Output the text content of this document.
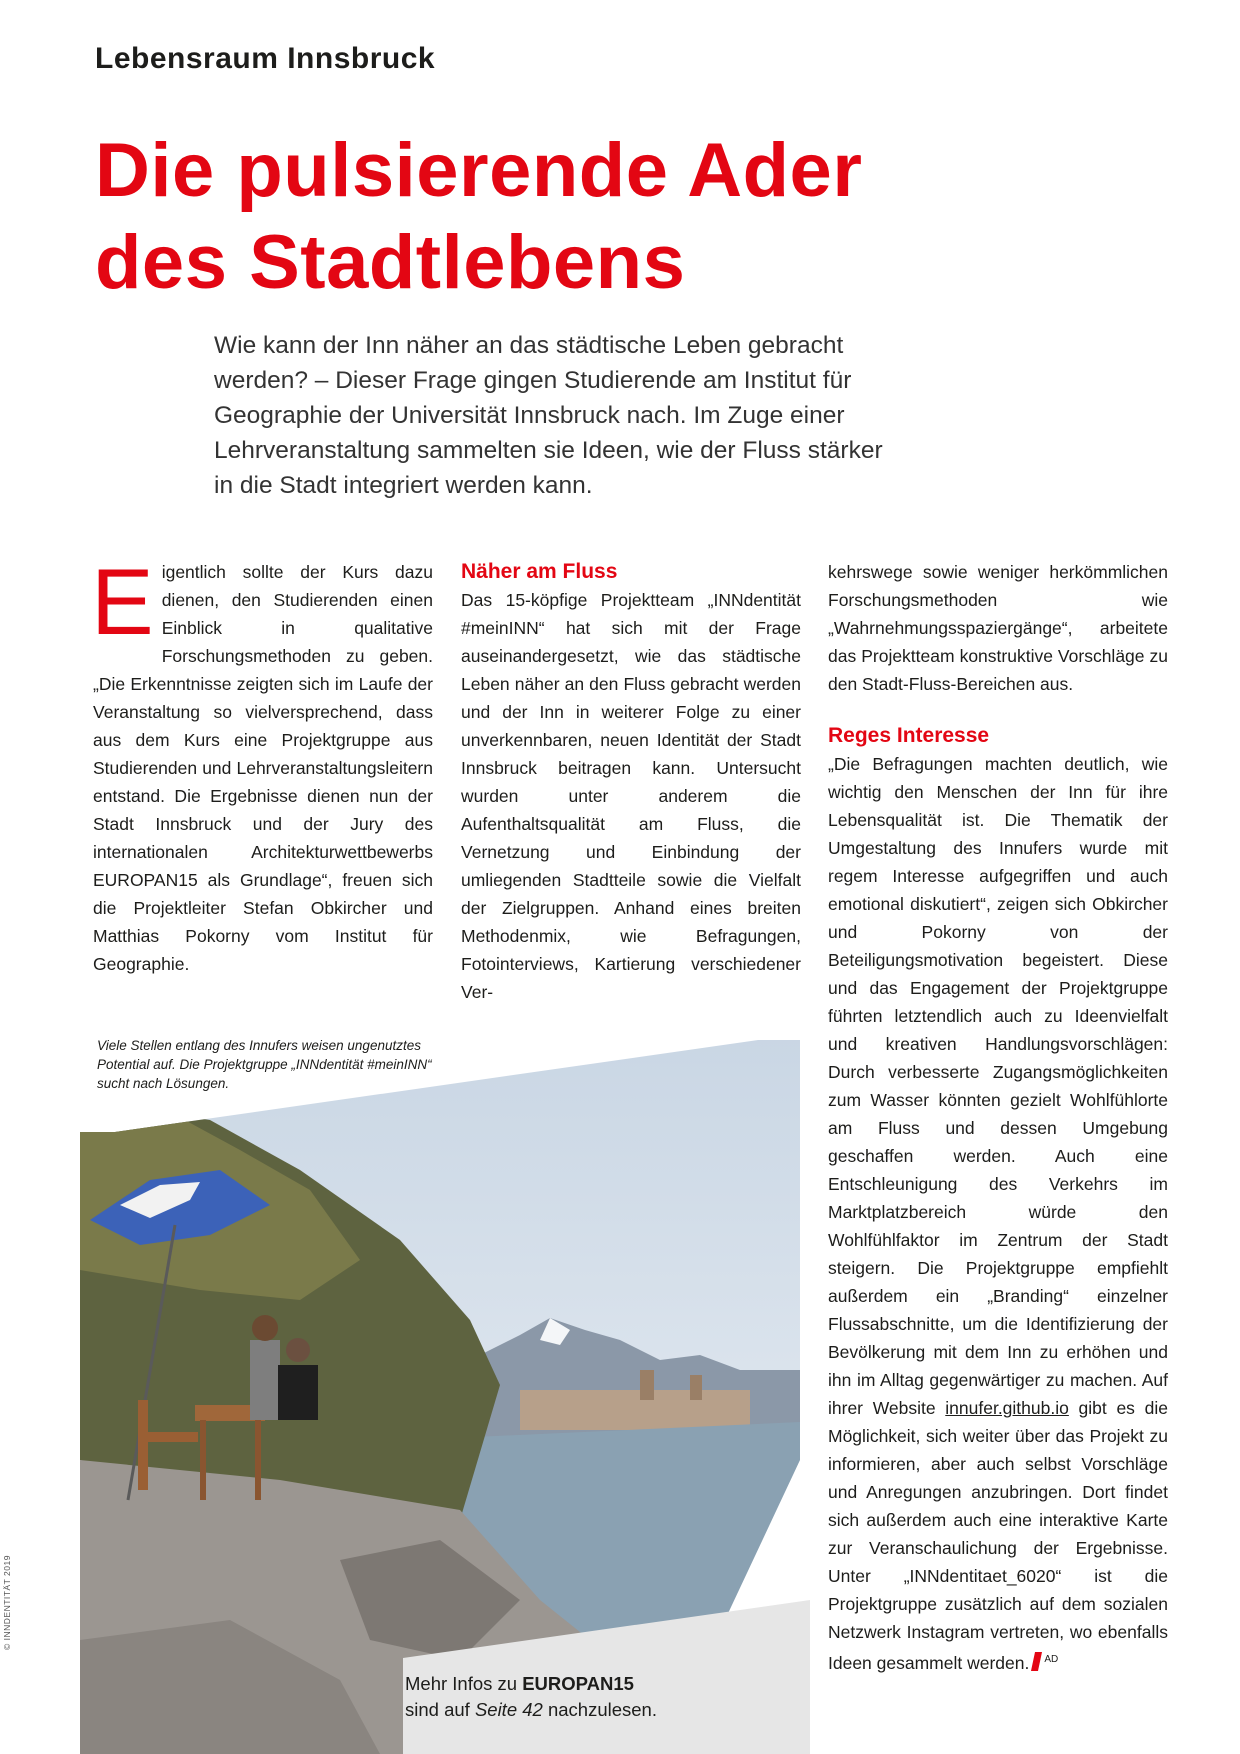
Lebensraum Innsbruck
Die pulsierende Ader
des Stadtlebens

Wie kann der Inn näher an das städtische Leben gebracht werden? – Dieser Frage gingen Studierende am Institut für Geographie der Universität Innsbruck nach. Im Zuge einer Lehrveranstaltung sammelten sie Ideen, wie der Fluss stärker in die Stadt integriert werden kann.

Eigentlich sollte der Kurs dazu dienen, den Studierenden einen Einblick in qualitative Forschungsmethoden zu geben. „Die Erkenntnisse zeigten sich im Laufe der Veranstaltung so vielversprechend, dass aus dem Kurs eine Projektgruppe aus Studierenden und Lehrveranstaltungsleitern entstand. Die Ergebnisse dienen nun der Stadt Innsbruck und der Jury des internationalen Architekturwettbewerbs EUROPAN15 als Grundlage“, freuen sich die Projektleiter Stefan Obkircher und Matthias Pokorny vom Institut für Geographie.

Näher am Fluss

Das 15-köpfige Projektteam „INNdentität #meinINN“ hat sich mit der Frage auseinandergesetzt, wie das städtische Leben näher an den Fluss gebracht werden und der Inn in weiterer Folge zu einer unverkennbaren, neuen Identität der Stadt Innsbruck beitragen kann. Untersucht wurden unter anderem die Aufenthaltsqualität am Fluss, die Vernetzung und Einbindung der umliegenden Stadtteile sowie die Vielfalt der Zielgruppen. Anhand eines breiten Methodenmix, wie Befragungen, Fotointerviews, Kartierung verschiedener Ver-

kehrswege sowie weniger herkömmlichen Forschungsmethoden wie „Wahrnehmungsspaziergänge“, arbeitete das Projektteam konstruktive Vorschläge zu den Stadt-Fluss-Bereichen aus.

Reges Interesse

„Die Befragungen machten deutlich, wie wichtig den Menschen der Inn für ihre Lebensqualität ist. Die Thematik der Umgestaltung des Innufers wurde mit regem Interesse aufgegriffen und auch emotional diskutiert“, zeigen sich Obkircher und Pokorny von der Beteiligungsmotivation begeistert. Diese und das Engagement der Projektgruppe führten letztendlich auch zu Ideenvielfalt und kreativen Handlungsvorschlägen: Durch verbesserte Zugangsmöglichkeiten zum Wasser könnten gezielt Wohlfühlorte am Fluss und dessen Umgebung geschaffen werden. Auch eine Entschleunigung des Verkehrs im Marktplatzbereich würde den Wohlfühlfaktor im Zentrum der Stadt steigern. Die Projektgruppe empfiehlt außerdem ein „Branding“ einzelner Flussabschnitte, um die Identifizierung der Bevölkerung mit dem Inn zu erhöhen und ihn im Alltag gegenwärtiger zu machen. Auf ihrer Website innufer.github.io gibt es die Möglichkeit, sich weiter über das Projekt zu informieren, aber auch selbst Vorschläge und Anregungen anzubringen. Dort findet sich außerdem auch eine interaktive Karte zur Veranschaulichung der Ergebnisse. Unter „INNdentitaet_6020“ ist die Projektgruppe zusätzlich auf dem sozialen Netzwerk Instagram vertreten, wo ebenfalls Ideen gesammelt werden. $^{AD}$

Viele Stellen entlang des Innufers weisen ungenutztes Potential auf. Die Projektgruppe „INNdentität #meinINN“ sucht nach Lösungen.

© INNDENTITÄT 2019
Mehr Infos zu EUROPAN15
sind auf Seite 42 nachzulesen.
